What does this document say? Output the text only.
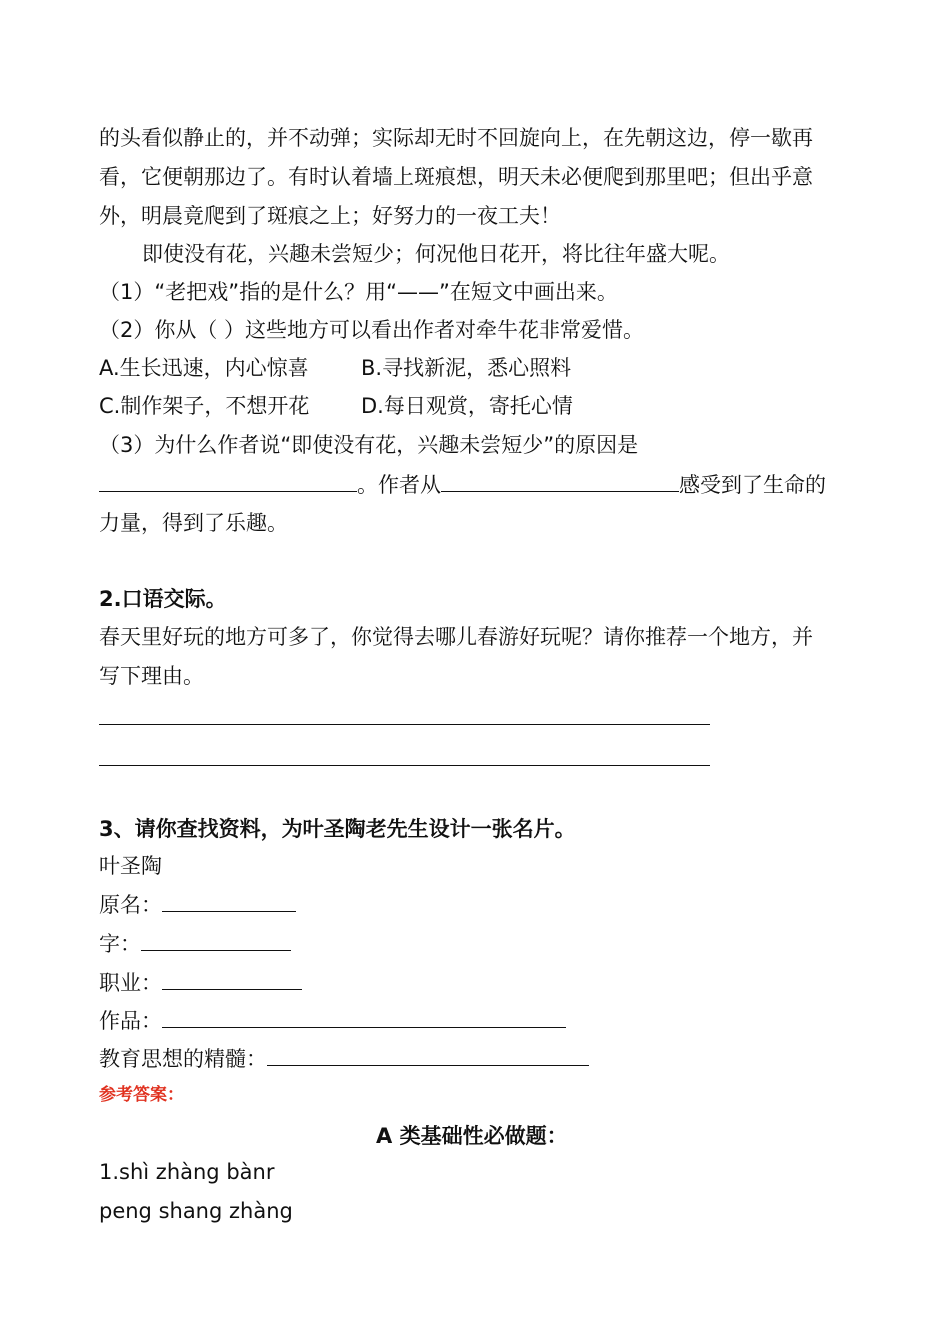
的头看似静止的，并不动弹；实际却无时不回旋向上，在先朝这边，停一歇再
看，它便朝那边了。有时认着墙上斑痕想，明天未必便爬到那里吧；但出乎意
外，明晨竟爬到了斑痕之上；好努力的一夜工夫！
即使没有花，兴趣未尝短少；何况他日花开，将比往年盛大呢。
（1）“老把戏”指的是什么？用“——”在短文中画出来。
（2）你从（ ）这些地方可以看出作者对牵牛花非常爱惜。
A.生长迅速，内心惊喜 B.寻找新泥，悉心照料
C.制作架子，不想开花 D.每日观赏，寄托心情
（3）为什么作者说“即使没有花，兴趣未尝短少”的原因是
。作者从	感受到了生命的
力量，得到了乐趣。
2.口语交际。
春天里好玩的地方可多了，你觉得去哪儿春游好玩呢？请你推荐一个地方，并
写下理由。
3、请你查找资料，为叶圣陶老先生设计一张名片。
叶圣陶
原名：
字：
职业：
作品：
教育思想的精髓：
参考答案：
A 类基础性必做题：
1.shì zhàng bànr
peng shang zhàng
